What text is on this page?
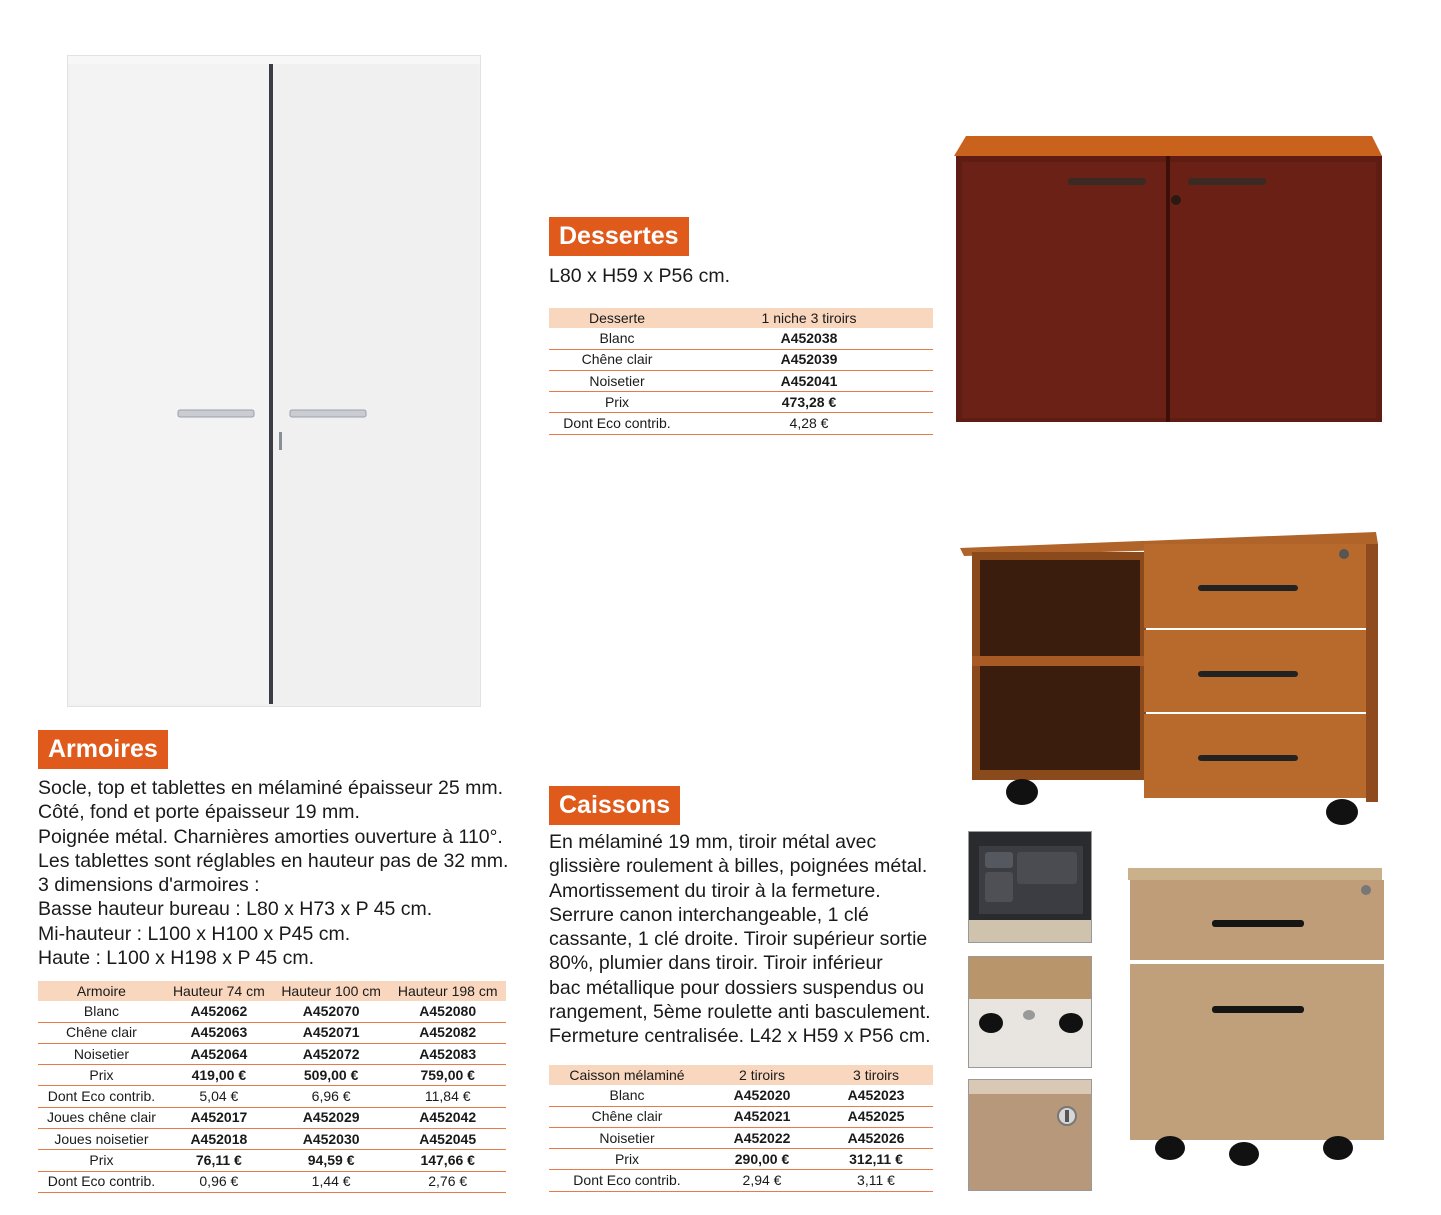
Armoires
Socle, top et tablettes en mélaminé épaisseur 25 mm.
Côté, fond et porte épaisseur 19 mm.
Poignée métal. Charnières amorties ouverture à 110°.
Les tablettes sont réglables en hauteur pas de 32 mm.
3 dimensions d'armoires :
Basse hauteur bureau : L80 x H73 x P 45 cm.
Mi-hauteur : L100 x H100 x P45 cm.
Haute : L100 x H198 x P 45 cm.
Armoire	Hauteur 74 cm	Hauteur 100 cm	Hauteur 198 cm
Blanc	A452062	A452070	A452080
Chêne clair	A452063	A452071	A452082
Noisetier	A452064	A452072	A452083
Prix	419,00 €	509,00 €	759,00 €
Dont Eco contrib.	5,04 €	6,96 €	11,84 €
Joues chêne clair	A452017	A452029	A452042
Joues noisetier	A452018	A452030	A452045
Prix	76,11 €	94,59 €	147,66 €
Dont Eco contrib.	0,96 €	1,44 €	2,76 €
Dessertes
L80 x H59 x P56 cm.
Desserte	1 niche 3 tiroirs
Blanc	A452038
Chêne clair	A452039
Noisetier	A452041
Prix	473,28 €
Dont Eco contrib.	4,28 €
Caissons
En mélaminé 19 mm, tiroir métal avec
glissière roulement à billes, poignées métal.
Amortissement du tiroir à la fermeture.
Serrure canon interchangeable, 1 clé
cassante, 1 clé droite. Tiroir supérieur sortie
80%, plumier dans tiroir. Tiroir inférieur
bac métallique pour dossiers suspendus ou
rangement, 5ème roulette anti basculement.
Fermeture centralisée. L42 x H59 x P56 cm.
Caisson mélaminé	2 tiroirs	3 tiroirs
Blanc	A452020	A452023
Chêne clair	A452021	A452025
Noisetier	A452022	A452026
Prix	290,00 €	312,11 €
Dont Eco contrib.	2,94 €	3,11 €
